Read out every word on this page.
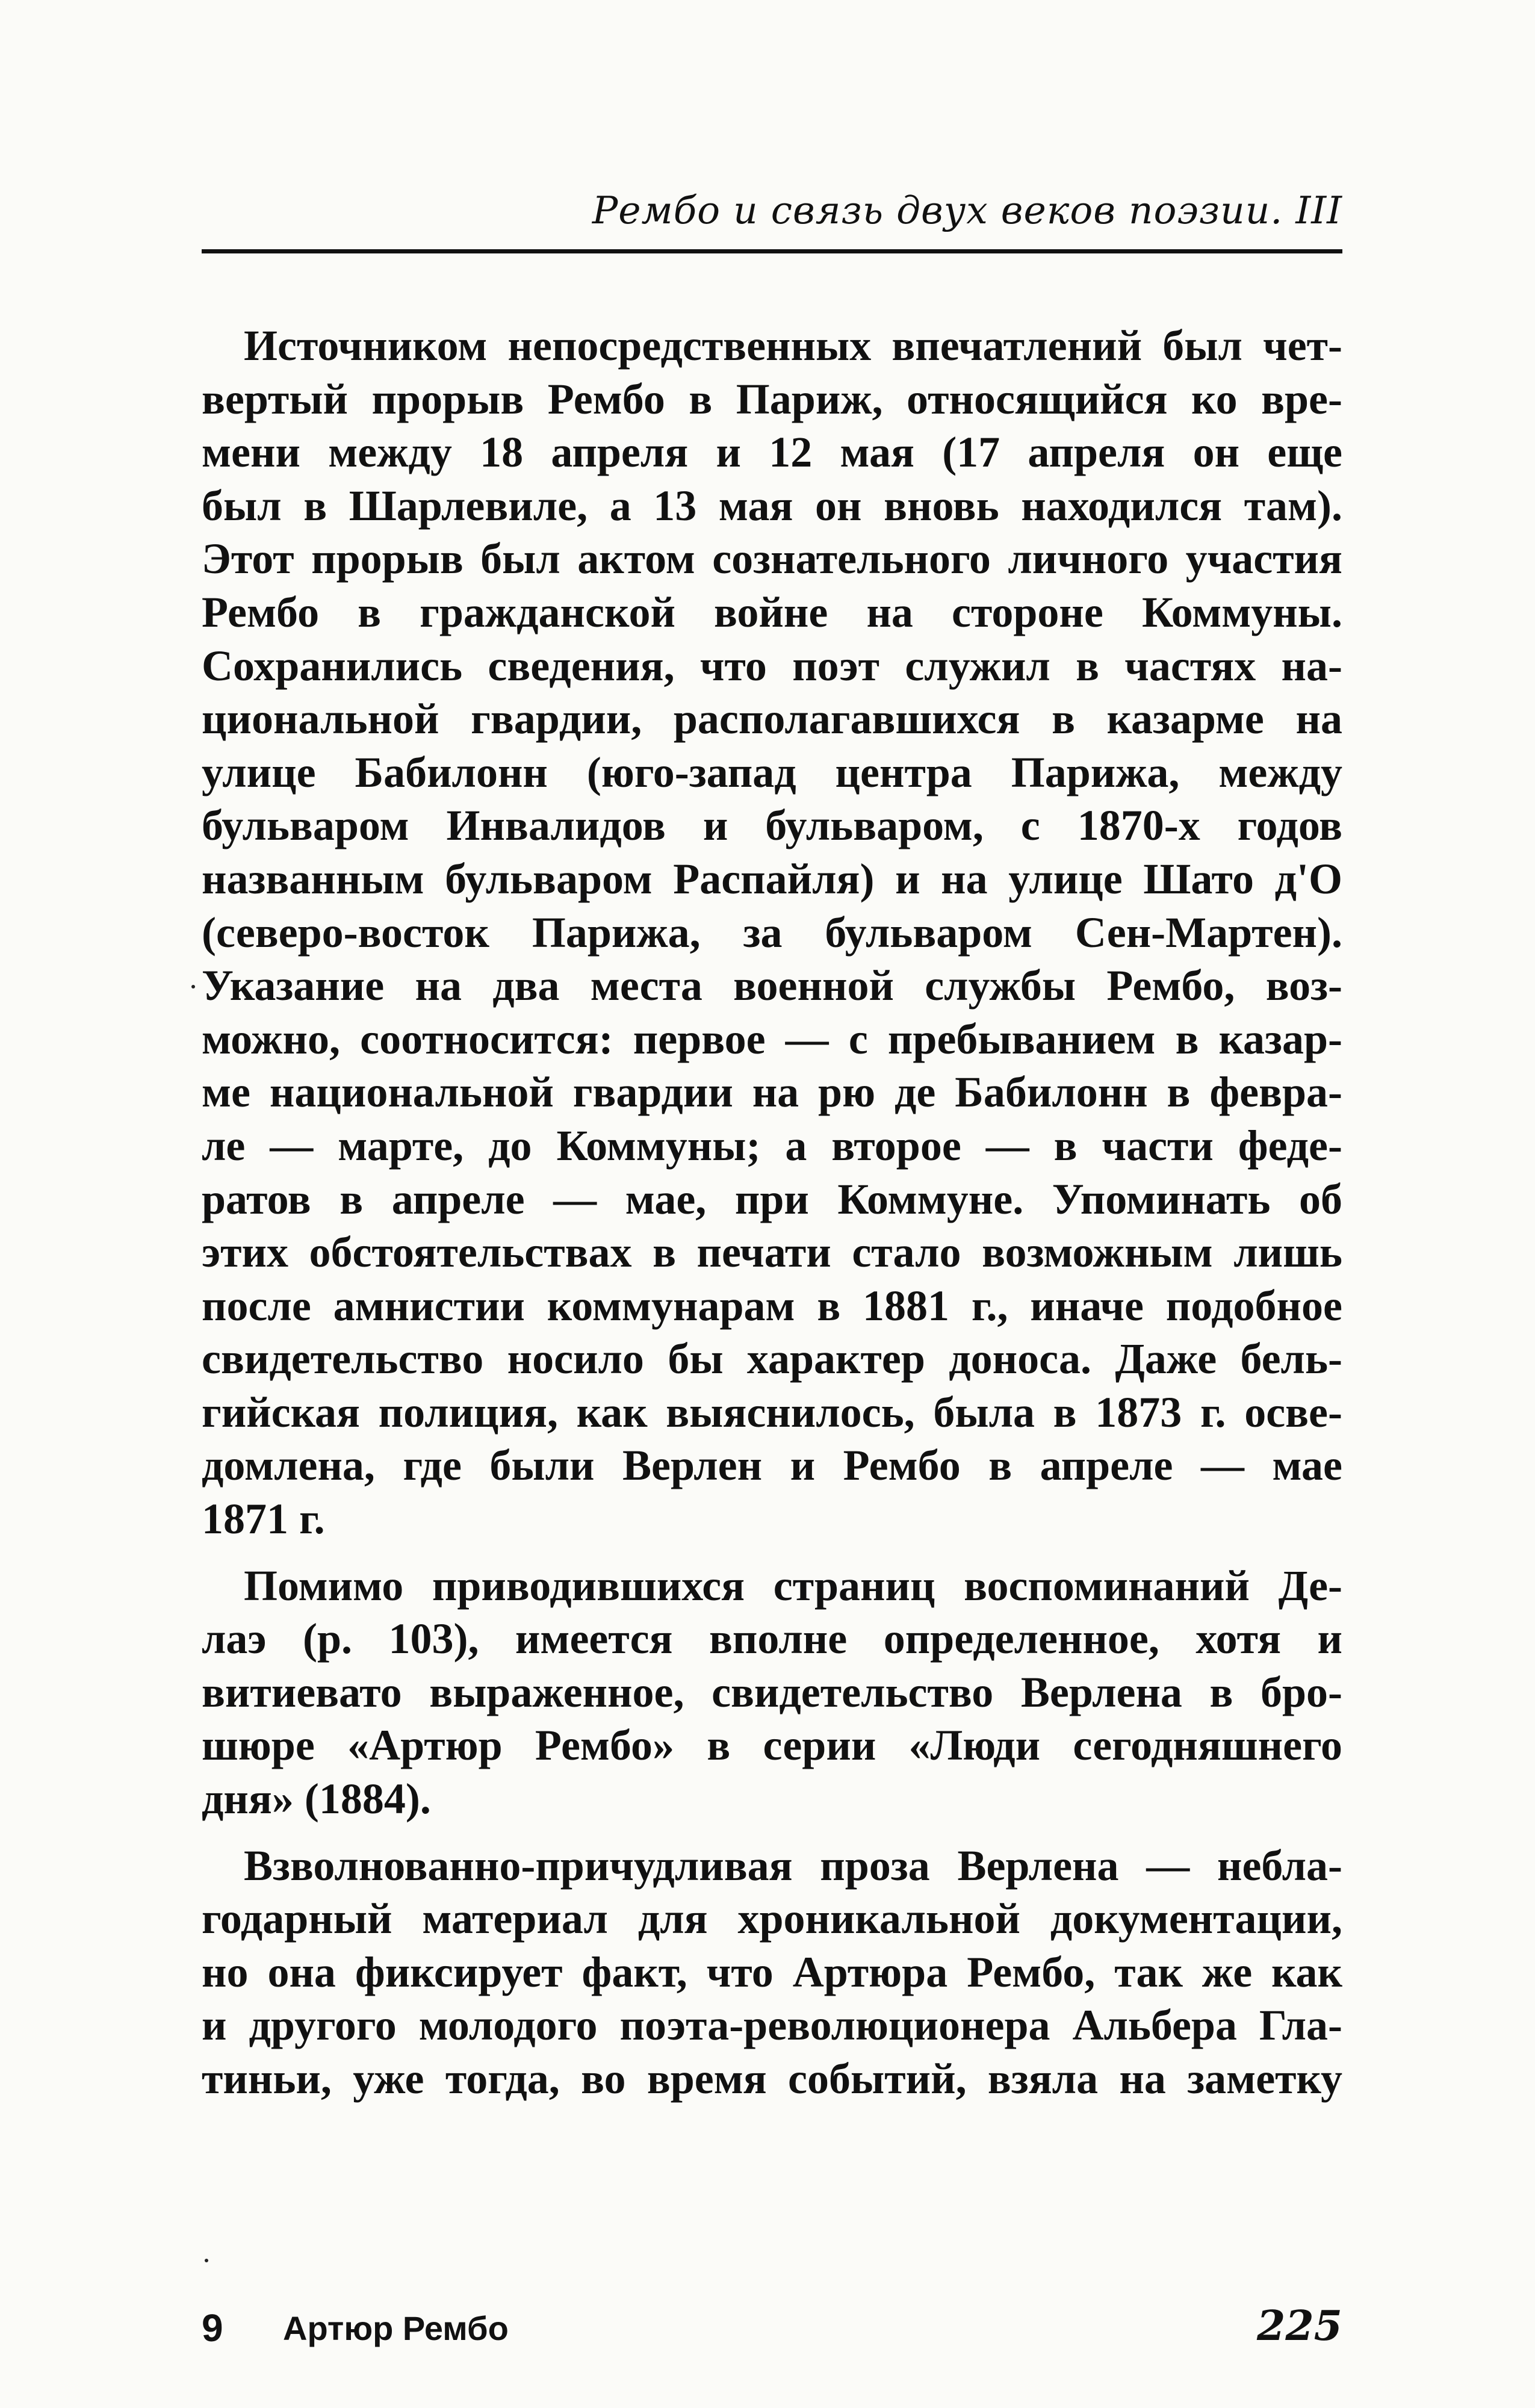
Рембо и связь двух веков поэзии. III
Источником непосредственных впечатлений был чет-
вертый прорыв Рембо в Париж, относящийся ко вре-
мени между 18 апреля и 12 мая (17 апреля он еще
был в Шарлевиле, а 13 мая он вновь находился там).
Этот прорыв был актом сознательного личного участия
Рембо в гражданской войне на стороне Коммуны.
Сохранились сведения, что поэт служил в частях на-
циональной гвардии, располагавшихся в казарме на
улице Бабилонн (юго-запад центра Парижа, между
бульваром Инвалидов и бульваром, с 1870-х годов
названным бульваром Распайля) и на улице Шато д'О
(северо-восток Парижа, за бульваром Сен-Мартен).
Указание на два места военной службы Рембо, воз-
можно, соотносится: первое — с пребыванием в казар-
ме национальной гвардии на рю де Бабилонн в февра-
ле — марте, до Коммуны; а второе — в части феде-
ратов в апреле — мае, при Коммуне. Упоминать об
этих обстоятельствах в печати стало возможным лишь
после амнистии коммунарам в 1881 г., иначе подобное
свидетельство носило бы характер доноса. Даже бель-
гийская полиция, как выяснилось, была в 1873 г. осве-
домлена, где были Верлен и Рембо в апреле — мае
1871 г.
Помимо приводившихся страниц воспоминаний Де-
лаэ (р. 103), имеется вполне определенное, хотя и
витиевато выраженное, свидетельство Верлена в бро-
шюре «Артюр Рембо» в серии «Люди сегодняшнего
дня» (1884).
Взволнованно-причудливая проза Верлена — небла-
годарный материал для хроникальной документации,
но она фиксирует факт, что Артюра Рембо, так же как
и другого молодого поэта-революционера Альбера Гла-
тиньи, уже тогда, во время событий, взяла на заметку
9 Артюр Рембо	225
